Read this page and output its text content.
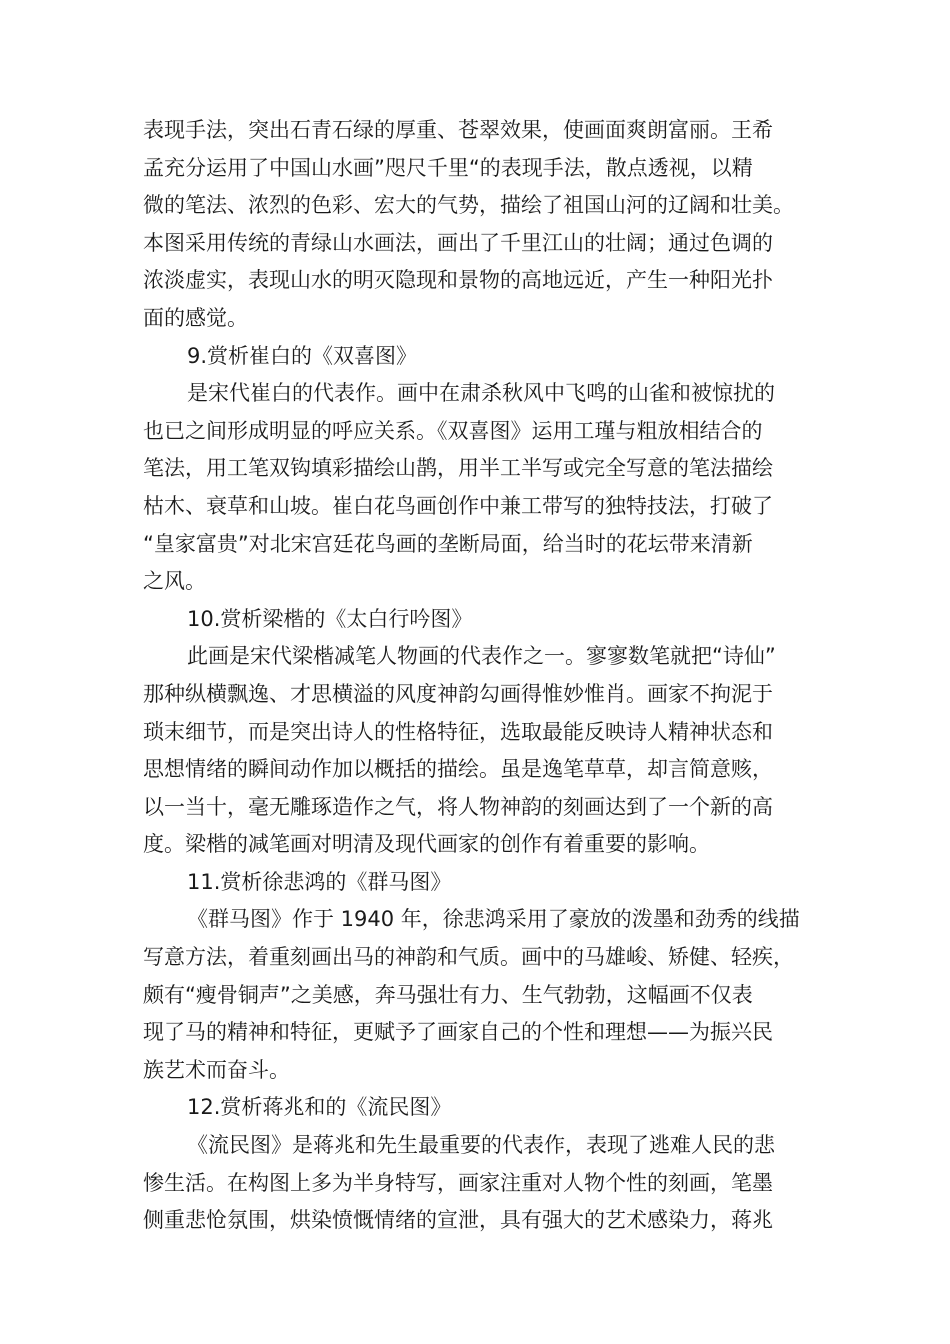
表现手法，突出石青石绿的厚重、苍翠效果，使画面爽朗富丽。王希
孟充分运用了中国山水画”咫尺千里“的表现手法，散点透视，以精
微的笔法、浓烈的色彩、宏大的气势，描绘了祖国山河的辽阔和壮美。
本图采用传统的青绿山水画法，画出了千里江山的壮阔；通过色调的
浓淡虚实，表现山水的明灭隐现和景物的高地远近，产生一种阳光扑
面的感觉。
9.赏析崔白的《双喜图》
是宋代崔白的代表作。画中在肃杀秋风中飞鸣的山雀和被惊扰的
也已之间形成明显的呼应关系。《双喜图》运用工瑾与粗放相结合的
笔法，用工笔双钩填彩描绘山鹊，用半工半写或完全写意的笔法描绘
枯木、衰草和山坡。崔白花鸟画创作中兼工带写的独特技法，打破了
“皇家富贵”对北宋宫廷花鸟画的垄断局面，给当时的花坛带来清新
之风。
10.赏析梁楷的《太白行吟图》
此画是宋代梁楷减笔人物画的代表作之一。寥寥数笔就把“诗仙”
那种纵横飘逸、才思横溢的风度神韵勾画得惟妙惟肖。画家不拘泥于
琐末细节，而是突出诗人的性格特征，选取最能反映诗人精神状态和
思想情绪的瞬间动作加以概括的描绘。虽是逸笔草草，却言简意赅，
以一当十，毫无雕琢造作之气，将人物神韵的刻画达到了一个新的高
度。梁楷的减笔画对明清及现代画家的创作有着重要的影响。
11.赏析徐悲鸿的《群马图》
《群马图》作于 1940 年，徐悲鸿采用了豪放的泼墨和劲秀的线描
写意方法，着重刻画出马的神韵和气质。画中的马雄峻、矫健、轻疾，
颇有“瘦骨铜声”之美感，奔马强壮有力、生气勃勃，这幅画不仅表
现了马的精神和特征，更赋予了画家自己的个性和理想——为振兴民
族艺术而奋斗。
12.赏析蒋兆和的《流民图》
《流民图》是蒋兆和先生最重要的代表作，表现了逃难人民的悲
惨生活。在构图上多为半身特写，画家注重对人物个性的刻画，笔墨
侧重悲怆氛围，烘染愤慨情绪的宣泄，具有强大的艺术感染力，蒋兆
